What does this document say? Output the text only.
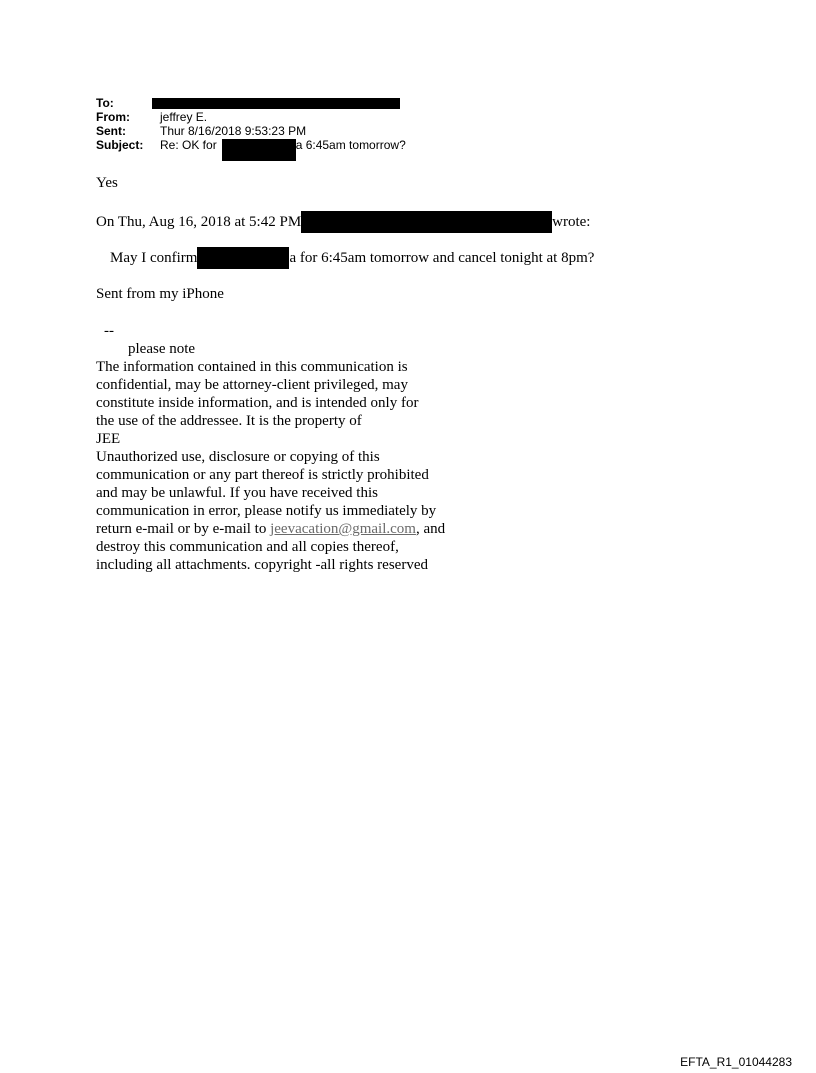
To:
From:	jeffrey E.
Sent:	Thur 8/16/2018 9:53:23 PM
Subject:	Re: OK for	a 6:45am tomorrow?
Yes
On Thu, Aug 16, 2018 at 5:42 PM	wrote:
May I confirm	a for 6:45am tomorrow and cancel tonight at 8pm?
Sent from my iPhone
--
please note
The information contained in this communication is
confidential, may be attorney-client privileged, may
constitute inside information, and is intended only for
the use of the addressee. It is the property of
JEE
Unauthorized use, disclosure or copying of this
communication or any part thereof is strictly prohibited
and may be unlawful. If you have received this
communication in error, please notify us immediately by
return e-mail or by e-mail to jeevacation@gmail.com, and
destroy this communication and all copies thereof,
including all attachments. copyright -all rights reserved
EFTA_R1_01044283
